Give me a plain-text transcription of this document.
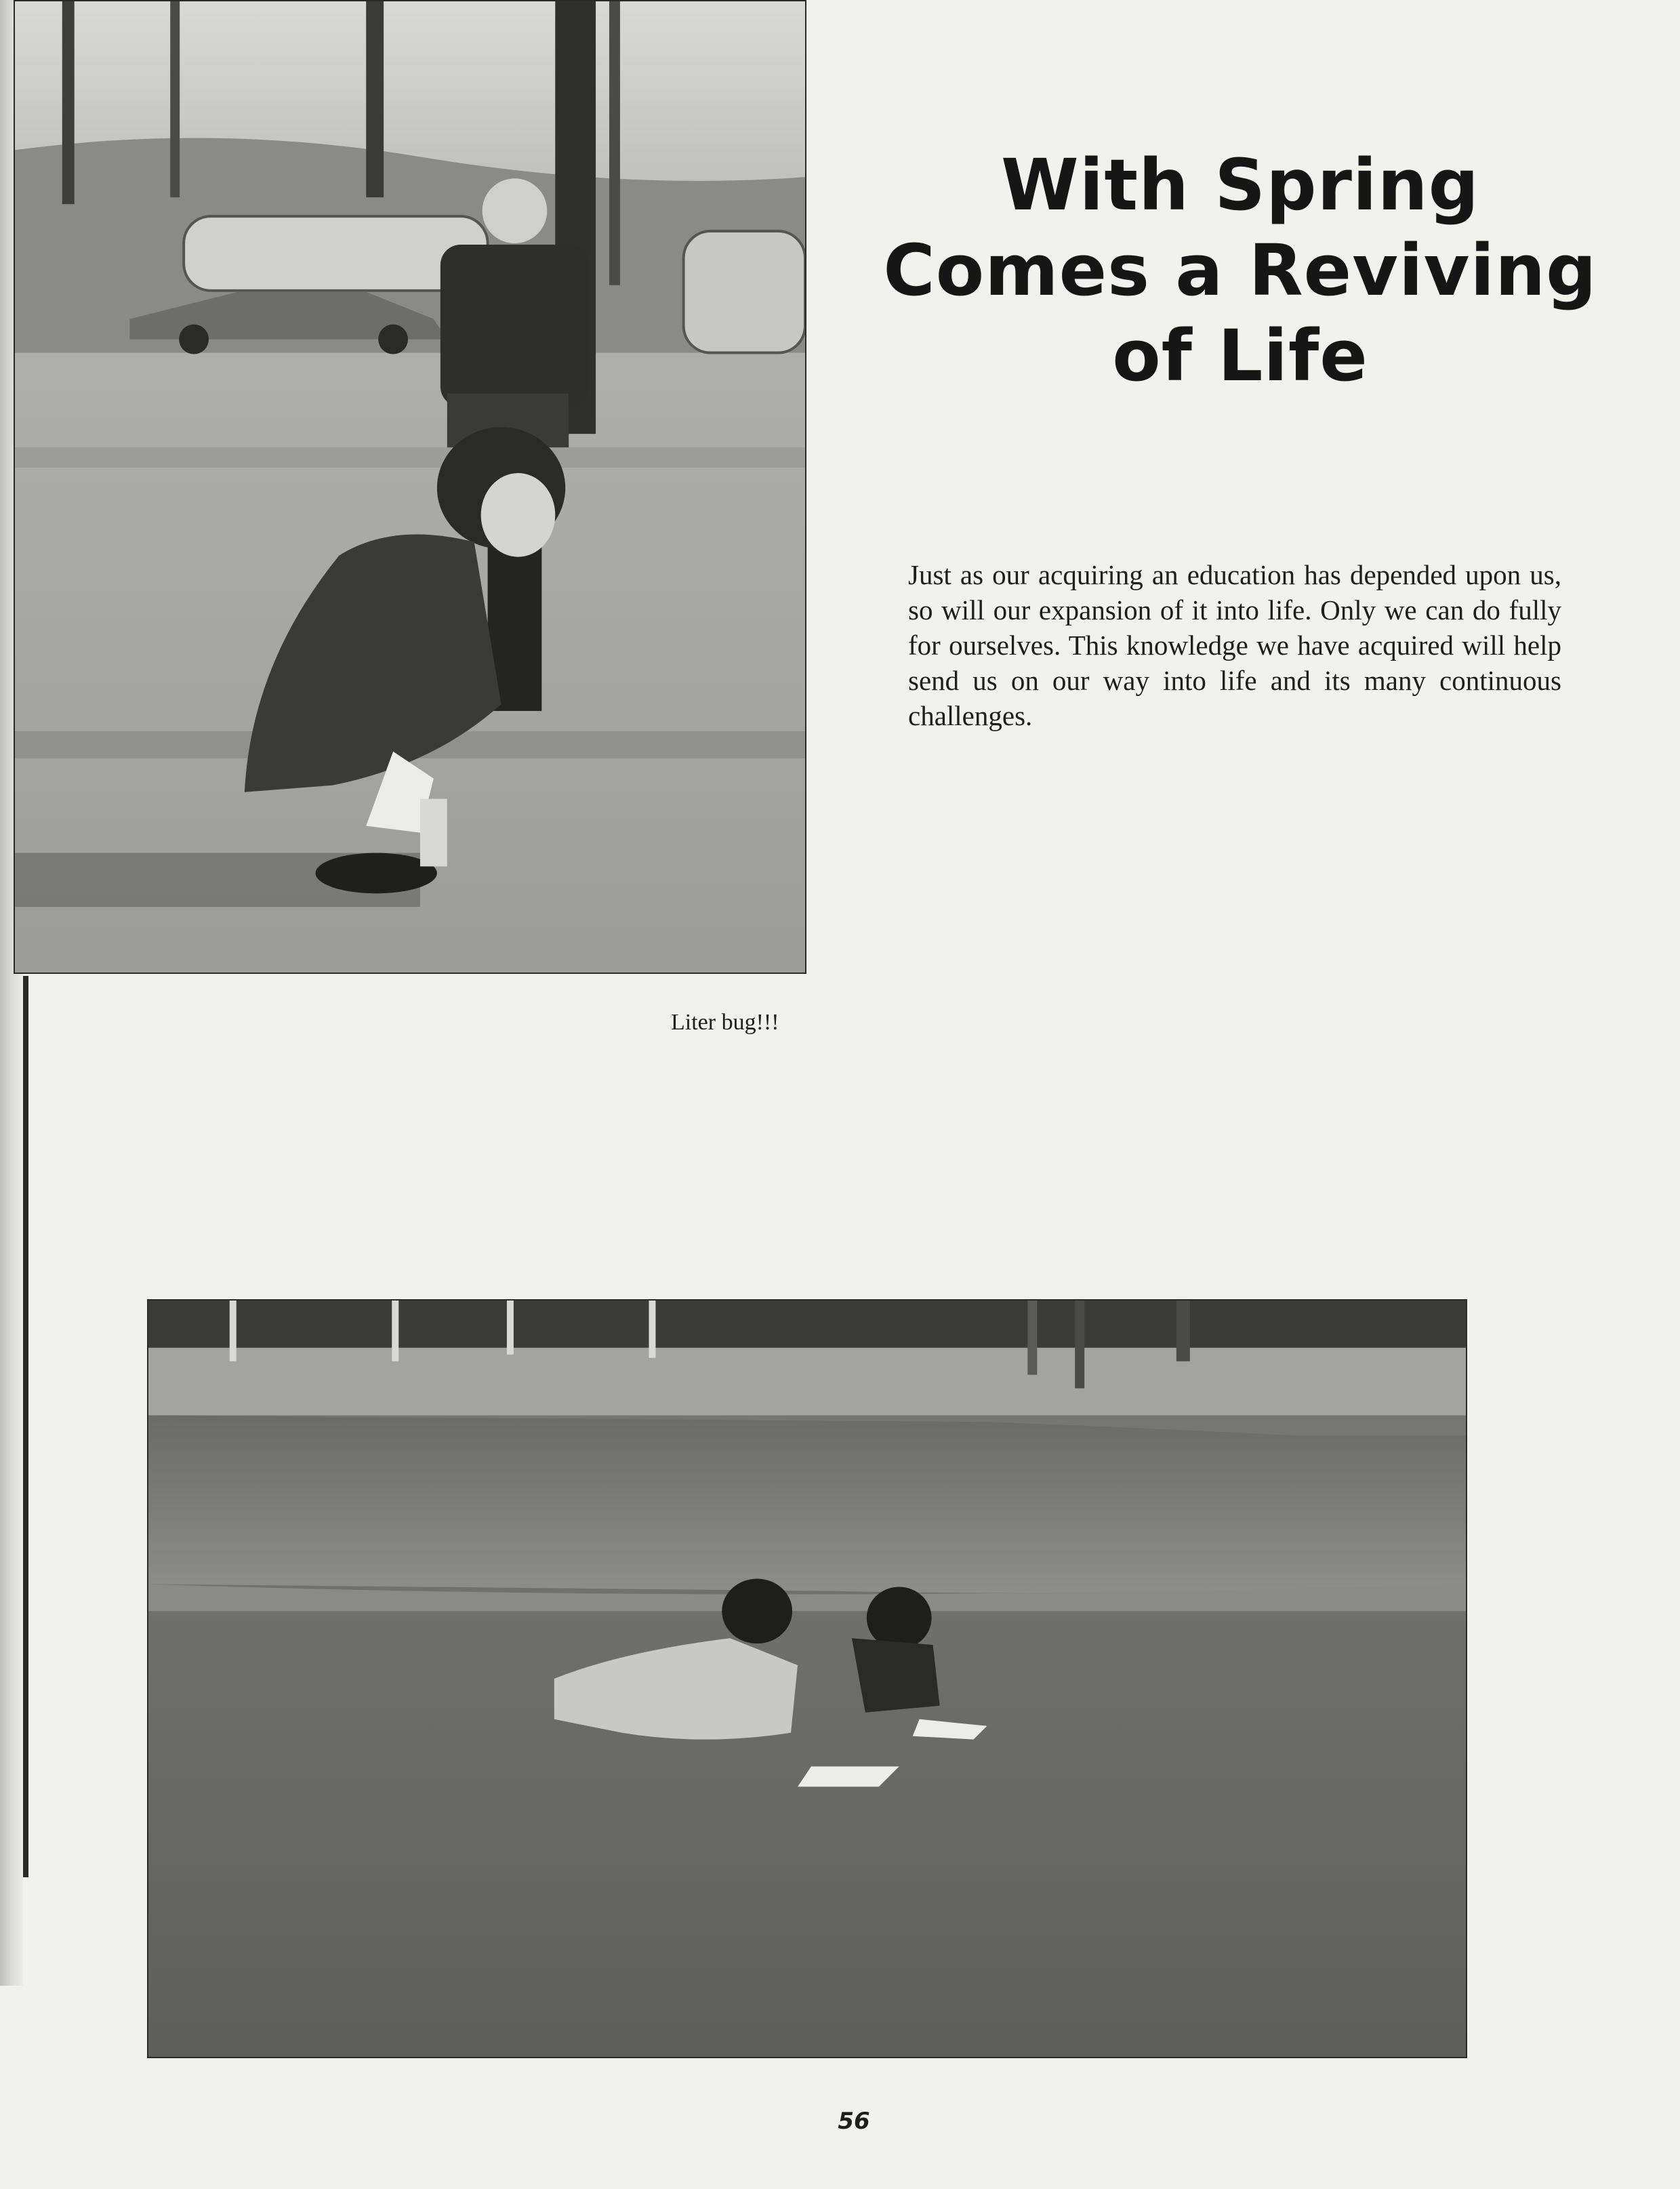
Liter bug!!!
With Spring
Comes a Reviving
of Life

Just as our acquiring an education has depended upon us, so will our expansion of it into life. Only we can do fully for ourselves. This knowledge we have acquired will help send us on our way into life and its many continuous challenges.

56
